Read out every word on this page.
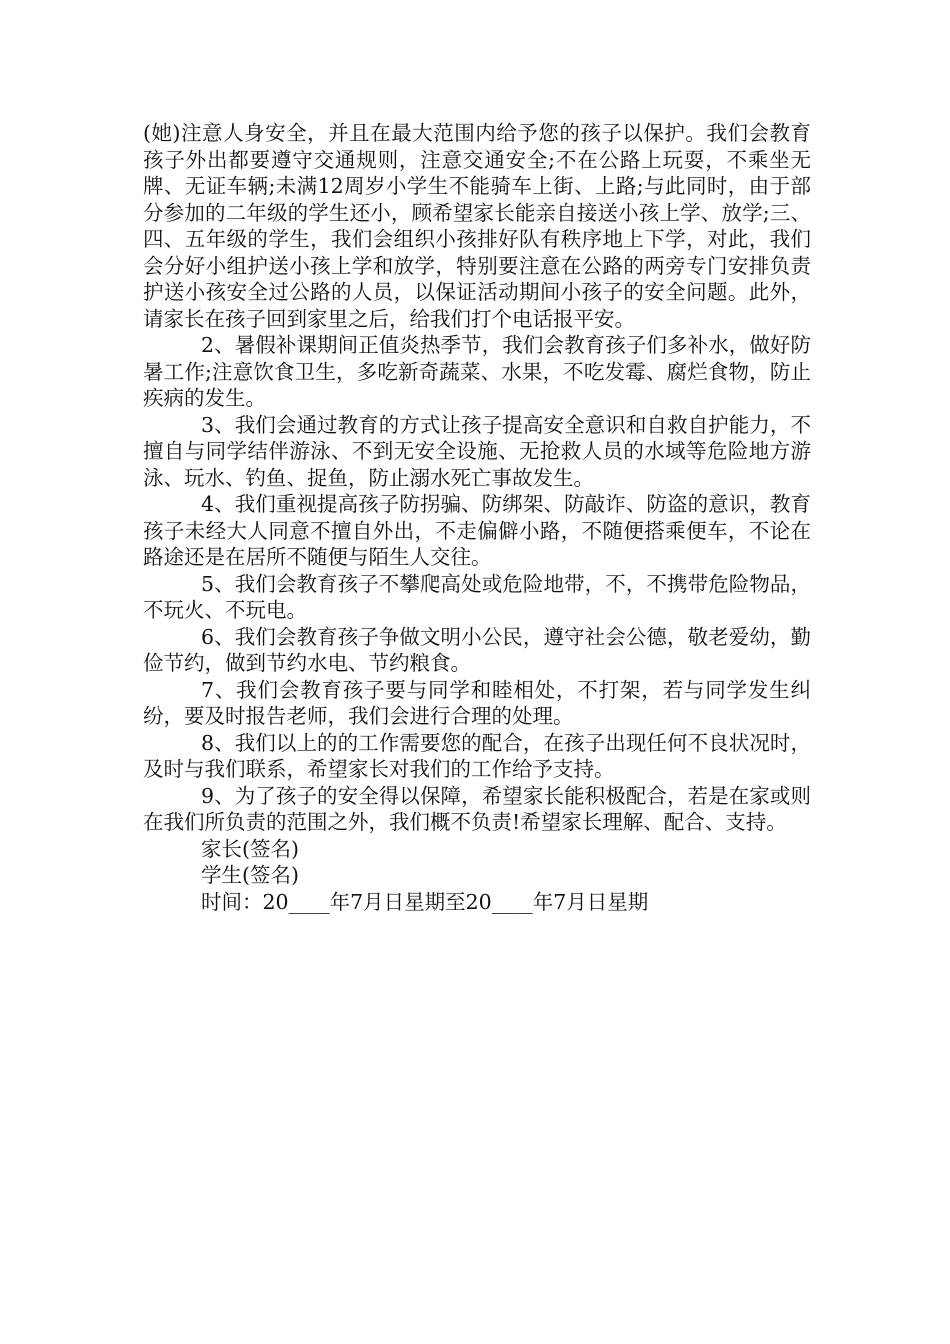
(她)注意人身安全，并且在最大范围内给予您的孩子以保护。我们会教育孩子外出都要遵守交通规则，注意交通安全;不在公路上玩耍，不乘坐无牌、无证车辆;未满12周岁小学生不能骑车上街、上路;与此同时，由于部分参加的二年级的学生还小，顾希望家长能亲自接送小孩上学、放学;三、四、五年级的学生，我们会组织小孩排好队有秩序地上下学，对此，我们会分好小组护送小孩上学和放学，特别要注意在公路的两旁专门安排负责护送小孩安全过公路的人员，以保证活动期间小孩子的安全问题。此外，请家长在孩子回到家里之后，给我们打个电话报平安。

2、暑假补课期间正值炎热季节，我们会教育孩子们多补水，做好防暑工作;注意饮食卫生，多吃新奇蔬菜、水果，不吃发霉、腐烂食物，防止疾病的发生。

3、我们会通过教育的方式让孩子提高安全意识和自救自护能力，不擅自与同学结伴游泳、不到无安全设施、无抢救人员的水域等危险地方游泳、玩水、钓鱼、捉鱼，防止溺水死亡事故发生。

4、我们重视提高孩子防拐骗、防绑架、防敲诈、防盗的意识，教育孩子未经大人同意不擅自外出，不走偏僻小路，不随便搭乘便车，不论在路途还是在居所不随便与陌生人交往。

5、我们会教育孩子不攀爬高处或危险地带，不，不携带危险物品，不玩火、不玩电。

6、我们会教育孩子争做文明小公民，遵守社会公德，敬老爱幼，勤俭节约，做到节约水电、节约粮食。

7、我们会教育孩子要与同学和睦相处，不打架，若与同学发生纠纷，要及时报告老师，我们会进行合理的处理。

8、我们以上的的工作需要您的配合，在孩子出现任何不良状况时，及时与我们联系，希望家长对我们的工作给予支持。

9、为了孩子的安全得以保障，希望家长能积极配合，若是在家或则在我们所负责的范围之外，我们概不负责!希望家长理解、配合、支持。

家长(签名)

学生(签名)

时间：20____年7月日星期至20____年7月日星期
